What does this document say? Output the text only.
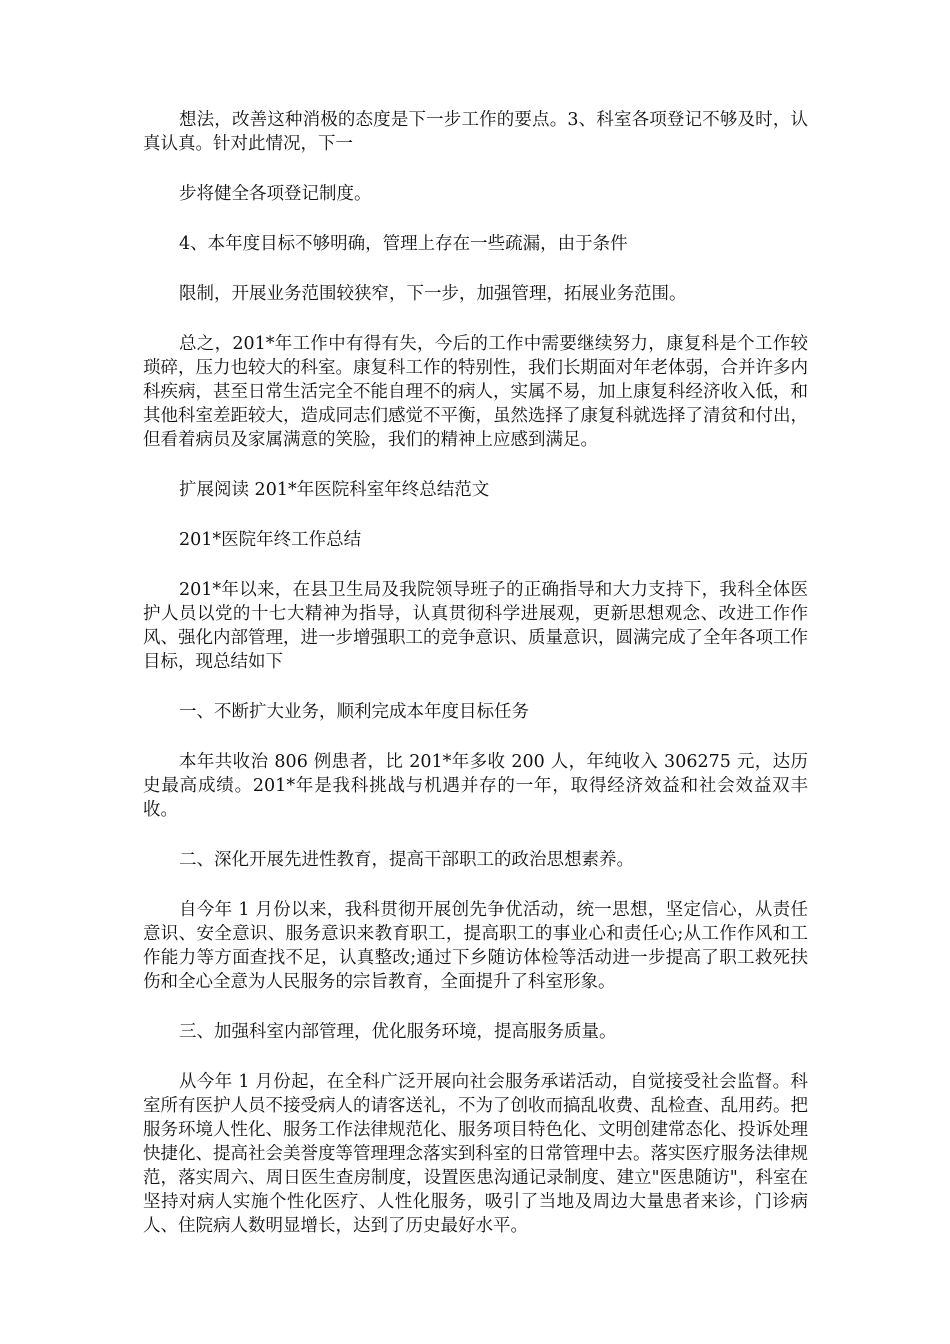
想法，改善这种消极的态度是下一步工作的要点。3、科室各项登记不够及时，认真认真。针对此情况，下一

步将健全各项登记制度。

4、本年度目标不够明确，管理上存在一些疏漏，由于条件

限制，开展业务范围较狭窄，下一步，加强管理，拓展业务范围。

总之，201*年工作中有得有失，今后的工作中需要继续努力，康复科是个工作较琐碎，压力也较大的科室。康复科工作的特别性，我们长期面对年老体弱，合并许多内科疾病，甚至日常生活完全不能自理不的病人，实属不易，加上康复科经济收入低，和其他科室差距较大，造成同志们感觉不平衡，虽然选择了康复科就选择了清贫和付出，但看着病员及家属满意的笑脸，我们的精神上应感到满足。

扩展阅读 201*年医院科室年终总结范文

201*医院年终工作总结

201*年以来，在县卫生局及我院领导班子的正确指导和大力支持下，我科全体医护人员以党的十七大精神为指导，认真贯彻科学进展观，更新思想观念、改进工作作风、强化内部管理，进一步增强职工的竞争意识、质量意识，圆满完成了全年各项工作目标，现总结如下

一、不断扩大业务，顺利完成本年度目标任务

本年共收治 806 例患者，比 201*年多收 200 人，年纯收入 306275 元，达历史最高成绩。201*年是我科挑战与机遇并存的一年，取得经济效益和社会效益双丰收。

二、深化开展先进性教育，提高干部职工的政治思想素养。

自今年 1 月份以来，我科贯彻开展创先争优活动，统一思想，坚定信心，从责任意识、安全意识、服务意识来教育职工，提高职工的事业心和责任心;从工作作风和工作能力等方面查找不足，认真整改;通过下乡随访体检等活动进一步提高了职工救死扶伤和全心全意为人民服务的宗旨教育，全面提升了科室形象。

三、加强科室内部管理，优化服务环境，提高服务质量。

从今年 1 月份起，在全科广泛开展向社会服务承诺活动，自觉接受社会监督。科室所有医护人员不接受病人的请客送礼，不为了创收而搞乱收费、乱检查、乱用药。把服务环境人性化、服务工作法律规范化、服务项目特色化、文明创建常态化、投诉处理快捷化、提高社会美誉度等管理理念落实到科室的日常管理中去。落实医疗服务法律规范，落实周六、周日医生查房制度，设置医患沟通记录制度、建立"医患随访"，科室在坚持对病人实施个性化医疗、人性化服务，吸引了当地及周边大量患者来诊，门诊病人、住院病人数明显增长，达到了历史最好水平。
